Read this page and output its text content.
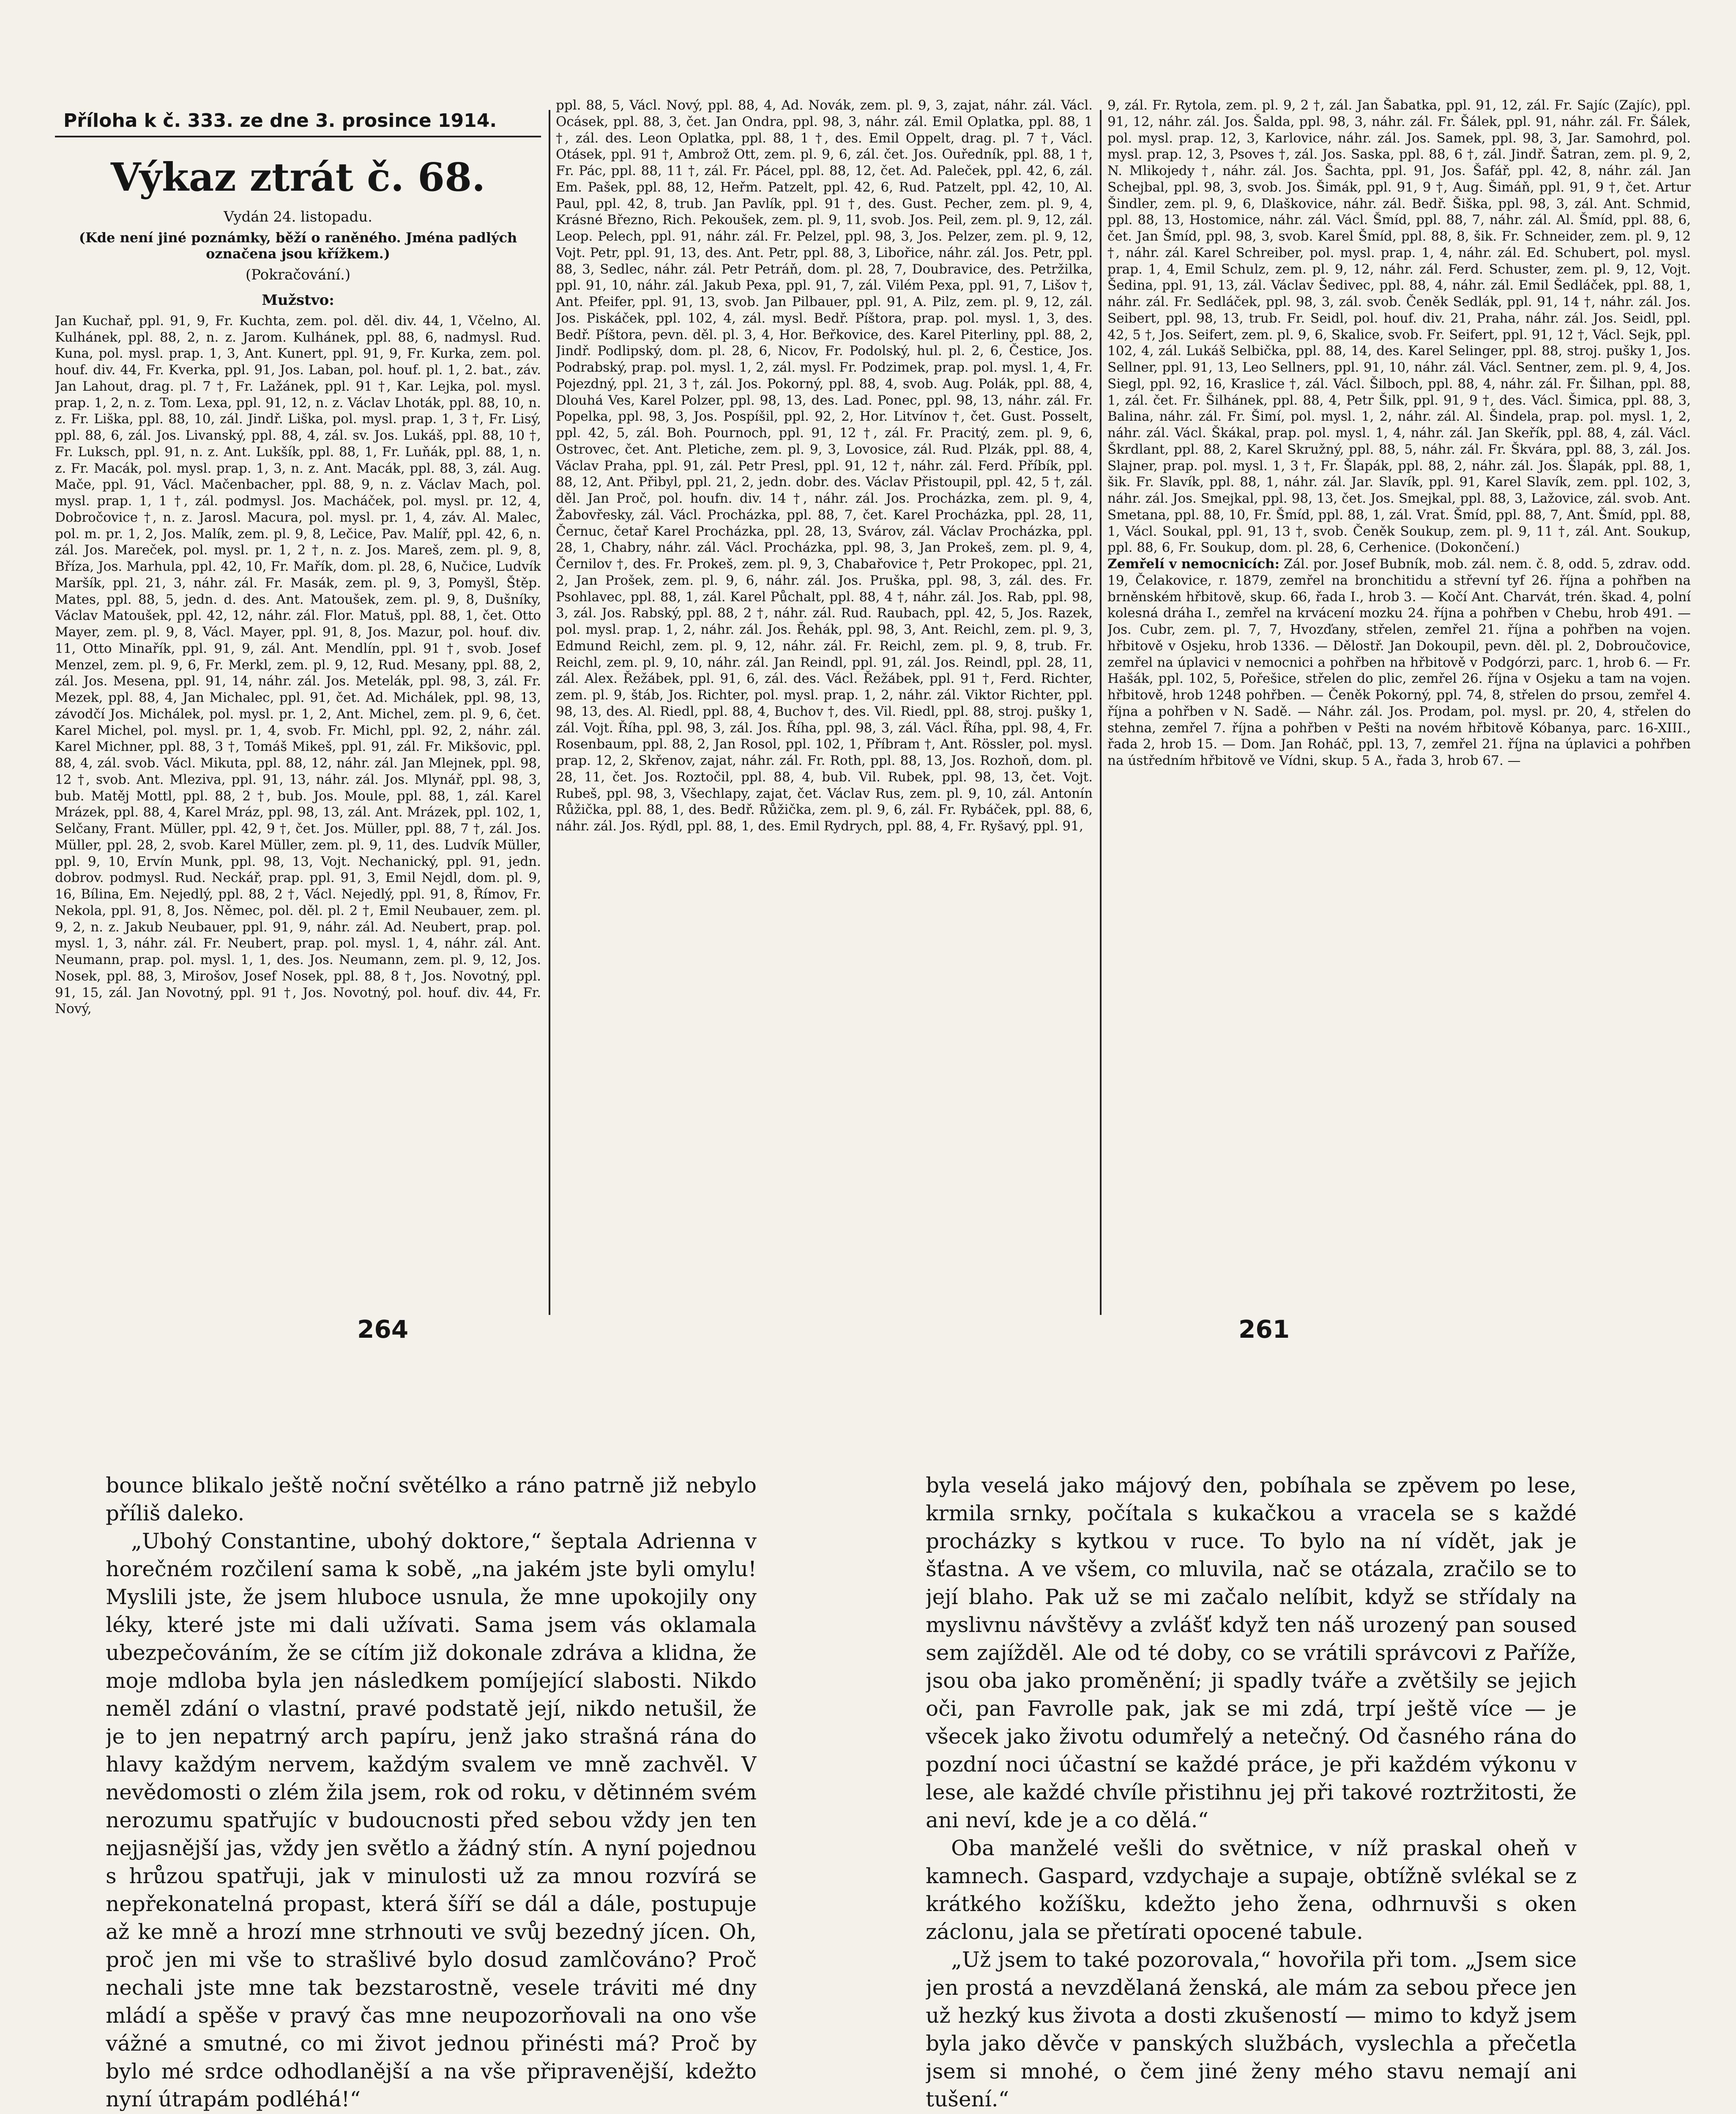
Příloha k č. 333. ze dne 3. prosince 1914.
Výkaz ztrát č. 68.
Vydán 24. listopadu.
(Kde není jiné poznámky, běží o raněného. Jména padlých označena jsou křížkem.)
(Pokračování.)
Mužstvo:

Jan Kuchař, ppl. 91, 9, Fr. Kuchta, zem. pol. děl. div. 44, 1, Včelno, Al. Kulhánek, ppl. 88, 2, n. z. Jarom. Kulhánek, ppl. 88, 6, nadmysl. Rud. Kuna, pol. mysl. prap. 1, 3, Ant. Kunert, ppl. 91, 9, Fr. Kurka, zem. pol. houf. div. 44, Fr. Kverka, ppl. 91, Jos. Laban, pol. houf. pl. 1, 2. bat., záv. Jan Lahout, drag. pl. 7 †, Fr. Lažánek, ppl. 91 †, Kar. Lejka, pol. mysl. prap. 1, 2, n. z. Tom. Lexa, ppl. 91, 12, n. z. Václav Lhoták, ppl. 88, 10, n. z. Fr. Liška, ppl. 88, 10, zál. Jindř. Liška, pol. mysl. prap. 1, 3 †, Fr. Lisý, ppl. 88, 6, zál. Jos. Livanský, ppl. 88, 4, zál. sv. Jos. Lukáš, ppl. 88, 10 †, Fr. Luksch, ppl. 91, n. z. Ant. Lukšík, ppl. 88, 1, Fr. Luňák, ppl. 88, 1, n. z. Fr. Macák, pol. mysl. prap. 1, 3, n. z. Ant. Macák, ppl. 88, 3, zál. Aug. Mače, ppl. 91, Václ. Mačenbacher, ppl. 88, 9, n. z. Václav Mach, pol. mysl. prap. 1, 1 †, zál. podmysl. Jos. Macháček, pol. mysl. pr. 12, 4, Dobročovice †, n. z. Jarosl. Macura, pol. mysl. pr. 1, 4, záv. Al. Malec, pol. m. pr. 1, 2, Jos. Malík, zem. pl. 9, 8, Lečice, Pav. Malíř, ppl. 42, 6, n. zál. Jos. Mareček, pol. mysl. pr. 1, 2 †, n. z. Jos. Mareš, zem. pl. 9, 8, Bříza, Jos. Marhula, ppl. 42, 10, Fr. Mařík, dom. pl. 28, 6, Nučice, Ludvík Maršík, ppl. 21, 3, náhr. zál. Fr. Masák, zem. pl. 9, 3, Pomyšl, Štěp. Mates, ppl. 88, 5, jedn. d. des. Ant. Matoušek, zem. pl. 9, 8, Dušníky, Václav Matoušek, ppl. 42, 12, náhr. zál. Flor. Matuš, ppl. 88, 1, čet. Otto Mayer, zem. pl. 9, 8, Václ. Mayer, ppl. 91, 8, Jos. Mazur, pol. houf. div. 11, Otto Minařík, ppl. 91, 9, zál. Ant. Mendlín, ppl. 91 †, svob. Josef Menzel, zem. pl. 9, 6, Fr. Merkl, zem. pl. 9, 12, Rud. Mesany, ppl. 88, 2, zál. Jos. Mesena, ppl. 91, 14, náhr. zál. Jos. Metelák, ppl. 98, 3, zál. Fr. Mezek, ppl. 88, 4, Jan Michalec, ppl. 91, čet. Ad. Michálek, ppl. 98, 13, závodčí Jos. Michálek, pol. mysl. pr. 1, 2, Ant. Michel, zem. pl. 9, 6, čet. Karel Michel, pol. mysl. pr. 1, 4, svob. Fr. Michl, ppl. 92, 2, náhr. zál. Karel Michner, ppl. 88, 3 †, Tomáš Mikeš, ppl. 91, zál. Fr. Mikšovic, ppl. 88, 4, zál. svob. Václ. Mikuta, ppl. 88, 12, náhr. zál. Jan Mlejnek, ppl. 98, 12 †, svob. Ant. Mleziva, ppl. 91, 13, náhr. zál. Jos. Mlynář, ppl. 98, 3, bub. Matěj Mottl, ppl. 88, 2 †, bub. Jos. Moule, ppl. 88, 1, zál. Karel Mrázek, ppl. 88, 4, Karel Mráz, ppl. 98, 13, zál. Ant. Mrázek, ppl. 102, 1, Selčany, Frant. Müller, ppl. 42, 9 †, čet. Jos. Müller, ppl. 88, 7 †, zál. Jos. Müller, ppl. 28, 2, svob. Karel Müller, zem. pl. 9, 11, des. Ludvík Müller, ppl. 9, 10, Ervín Munk, ppl. 98, 13, Vojt. Nechanický, ppl. 91, jedn. dobrov. podmysl. Rud. Neckář, prap. ppl. 91, 3, Emil Nejdl, dom. pl. 9, 16, Bílina, Em. Nejedlý, ppl. 88, 2 †, Václ. Nejedlý, ppl. 91, 8, Římov, Fr. Nekola, ppl. 91, 8, Jos. Němec, pol. děl. pl. 2 †, Emil Neubauer, zem. pl. 9, 2, n. z. Jakub Neubauer, ppl. 91, 9, náhr. zál. Ad. Neubert, prap. pol. mysl. 1, 3, náhr. zál. Fr. Neubert, prap. pol. mysl. 1, 4, náhr. zál. Ant. Neumann, prap. pol. mysl. 1, 1, des. Jos. Neumann, zem. pl. 9, 12, Jos. Nosek, ppl. 88, 3, Mirošov, Josef Nosek, ppl. 88, 8 †, Jos. Novotný, ppl. 91, 15, zál. Jan Novotný, ppl. 91 †, Jos. Novotný, pol. houf. div. 44, Fr. Nový,

ppl. 88, 5, Václ. Nový, ppl. 88, 4, Ad. Novák, zem. pl. 9, 3, zajat, náhr. zál. Václ. Ocásek, ppl. 88, 3, čet. Jan Ondra, ppl. 98, 3, náhr. zál. Emil Oplatka, ppl. 88, 1 †, zál. des. Leon Oplatka, ppl. 88, 1 †, des. Emil Oppelt, drag. pl. 7 †, Václ. Otásek, ppl. 91 †, Ambrož Ott, zem. pl. 9, 6, zál. čet. Jos. Ouředník, ppl. 88, 1 †, Fr. Pác, ppl. 88, 11 †, zál. Fr. Pácel, ppl. 88, 12, čet. Ad. Paleček, ppl. 42, 6, zál. Em. Pašek, ppl. 88, 12, Heřm. Patzelt, ppl. 42, 6, Rud. Patzelt, ppl. 42, 10, Al. Paul, ppl. 42, 8, trub. Jan Pavlík, ppl. 91 †, des. Gust. Pecher, zem. pl. 9, 4, Krásné Březno, Rich. Pekoušek, zem. pl. 9, 11, svob. Jos. Peil, zem. pl. 9, 12, zál. Leop. Pelech, ppl. 91, náhr. zál. Fr. Pelzel, ppl. 98, 3, Jos. Pelzer, zem. pl. 9, 12, Vojt. Petr, ppl. 91, 13, des. Ant. Petr, ppl. 88, 3, Libořice, náhr. zál. Jos. Petr, ppl. 88, 3, Sedlec, náhr. zál. Petr Petráň, dom. pl. 28, 7, Doubravice, des. Petržilka, ppl. 91, 10, náhr. zál. Jakub Pexa, ppl. 91, 7, zál. Vilém Pexa, ppl. 91, 7, Lišov †, Ant. Pfeifer, ppl. 91, 13, svob. Jan Pilbauer, ppl. 91, A. Pilz, zem. pl. 9, 12, zál. Jos. Piskáček, ppl. 102, 4, zál. mysl. Bedř. Píštora, prap. pol. mysl. 1, 3, des. Bedř. Píštora, pevn. děl. pl. 3, 4, Hor. Beřkovice, des. Karel Piterliny, ppl. 88, 2, Jindř. Podlipský, dom. pl. 28, 6, Nicov, Fr. Podolský, hul. pl. 2, 6, Čestice, Jos. Podrabský, prap. pol. mysl. 1, 2, zál. mysl. Fr. Podzimek, prap. pol. mysl. 1, 4, Fr. Pojezdný, ppl. 21, 3 †, zál. Jos. Pokorný, ppl. 88, 4, svob. Aug. Polák, ppl. 88, 4, Dlouhá Ves, Karel Polzer, ppl. 98, 13, des. Lad. Ponec, ppl. 98, 13, náhr. zál. Fr. Popelka, ppl. 98, 3, Jos. Pospíšil, ppl. 92, 2, Hor. Litvínov †, čet. Gust. Posselt, ppl. 42, 5, zál. Boh. Pournoch, ppl. 91, 12 †, zál. Fr. Pracitý, zem. pl. 9, 6, Ostrovec, čet. Ant. Pletiche, zem. pl. 9, 3, Lovosice, zál. Rud. Plzák, ppl. 88, 4, Václav Praha, ppl. 91, zál. Petr Presl, ppl. 91, 12 †, náhr. zál. Ferd. Příbík, ppl. 88, 12, Ant. Přibyl, ppl. 21, 2, jedn. dobr. des. Václav Přistoupil, ppl. 42, 5 †, zál. děl. Jan Proč, pol. houfn. div. 14 †, náhr. zál. Jos. Procházka, zem. pl. 9, 4, Žabovřesky, zál. Václ. Procházka, ppl. 88, 7, čet. Karel Procházka, ppl. 28, 11, Černuc, četař Karel Procházka, ppl. 28, 13, Svárov, zál. Václav Procházka, ppl. 28, 1, Chabry, náhr. zál. Václ. Procházka, ppl. 98, 3, Jan Prokeš, zem. pl. 9, 4, Černilov †, des. Fr. Prokeš, zem. pl. 9, 3, Chabařovice †, Petr Prokopec, ppl. 21, 2, Jan Prošek, zem. pl. 9, 6, náhr. zál. Jos. Pruška, ppl. 98, 3, zál. des. Fr. Psohlavec, ppl. 88, 1, zál. Karel Půchalt, ppl. 88, 4 †, náhr. zál. Jos. Rab, ppl. 98, 3, zál. Jos. Rabský, ppl. 88, 2 †, náhr. zál. Rud. Raubach, ppl. 42, 5, Jos. Razek, pol. mysl. prap. 1, 2, náhr. zál. Jos. Řehák, ppl. 98, 3, Ant. Reichl, zem. pl. 9, 3, Edmund Reichl, zem. pl. 9, 12, náhr. zál. Fr. Reichl, zem. pl. 9, 8, trub. Fr. Reichl, zem. pl. 9, 10, náhr. zál. Jan Reindl, ppl. 91, zál. Jos. Reindl, ppl. 28, 11, zál. Alex. Řežábek, ppl. 91, 6, zál. des. Václ. Řežábek, ppl. 91 †, Ferd. Richter, zem. pl. 9, štáb, Jos. Richter, pol. mysl. prap. 1, 2, náhr. zál. Viktor Richter, ppl. 98, 13, des. Al. Riedl, ppl. 88, 4, Buchov †, des. Vil. Riedl, ppl. 88, stroj. pušky 1, zál. Vojt. Říha, ppl. 98, 3, zál. Jos. Říha, ppl. 98, 3, zál. Václ. Říha, ppl. 98, 4, Fr. Rosenbaum, ppl. 88, 2, Jan Rosol, ppl. 102, 1, Příbram †, Ant. Rössler, pol. mysl. prap. 12, 2, Skřenov, zajat, náhr. zál. Fr. Roth, ppl. 88, 13, Jos. Rozhoň, dom. pl. 28, 11, čet. Jos. Roztočil, ppl. 88, 4, bub. Vil. Rubek, ppl. 98, 13, čet. Vojt. Rubeš, ppl. 98, 3, Všechlapy, zajat, čet. Václav Rus, zem. pl. 9, 10, zál. Antonín Růžička, ppl. 88, 1, des. Bedř. Růžička, zem. pl. 9, 6, zál. Fr. Rybáček, ppl. 88, 6, náhr. zál. Jos. Rýdl, ppl. 88, 1, des. Emil Rydrych, ppl. 88, 4, Fr. Ryšavý, ppl. 91,

9, zál. Fr. Rytola, zem. pl. 9, 2 †, zál. Jan Šabatka, ppl. 91, 12, zál. Fr. Sajíc (Zajíc), ppl. 91, 12, náhr. zál. Jos. Šalda, ppl. 98, 3, náhr. zál. Fr. Šálek, ppl. 91, náhr. zál. Fr. Šálek, pol. mysl. prap. 12, 3, Karlovice, náhr. zál. Jos. Samek, ppl. 98, 3, Jar. Samohrd, pol. mysl. prap. 12, 3, Psoves †, zál. Jos. Saska, ppl. 88, 6 †, zál. Jindř. Šatran, zem. pl. 9, 2, N. Mlikojedy †, náhr. zál. Jos. Šachta, ppl. 91, Jos. Šafář, ppl. 42, 8, náhr. zál. Jan Schejbal, ppl. 98, 3, svob. Jos. Šimák, ppl. 91, 9 †, Aug. Šimáň, ppl. 91, 9 †, čet. Artur Šindler, zem. pl. 9, 6, Dlaškovice, náhr. zál. Bedř. Šiška, ppl. 98, 3, zál. Ant. Schmid, ppl. 88, 13, Hostomice, náhr. zál. Václ. Šmíd, ppl. 88, 7, náhr. zál. Al. Šmíd, ppl. 88, 6, čet. Jan Šmíd, ppl. 98, 3, svob. Karel Šmíd, ppl. 88, 8, šik. Fr. Schneider, zem. pl. 9, 12 †, náhr. zál. Karel Schreiber, pol. mysl. prap. 1, 4, náhr. zál. Ed. Schubert, pol. mysl. prap. 1, 4, Emil Schulz, zem. pl. 9, 12, náhr. zál. Ferd. Schuster, zem. pl. 9, 12, Vojt. Šedina, ppl. 91, 13, zál. Václav Šedivec, ppl. 88, 4, náhr. zál. Emil Šedláček, ppl. 88, 1, náhr. zál. Fr. Sedláček, ppl. 98, 3, zál. svob. Čeněk Sedlák, ppl. 91, 14 †, náhr. zál. Jos. Seibert, ppl. 98, 13, trub. Fr. Seidl, pol. houf. div. 21, Praha, náhr. zál. Jos. Seidl, ppl. 42, 5 †, Jos. Seifert, zem. pl. 9, 6, Skalice, svob. Fr. Seifert, ppl. 91, 12 †, Václ. Sejk, ppl. 102, 4, zál. Lukáš Selbička, ppl. 88, 14, des. Karel Selinger, ppl. 88, stroj. pušky 1, Jos. Sellner, ppl. 91, 13, Leo Sellners, ppl. 91, 10, náhr. zál. Václ. Sentner, zem. pl. 9, 4, Jos. Siegl, ppl. 92, 16, Kraslice †, zál. Václ. Šilboch, ppl. 88, 4, náhr. zál. Fr. Šilhan, ppl. 88, 1, zál. čet. Fr. Šilhánek, ppl. 88, 4, Petr Šilk, ppl. 91, 9 †, des. Václ. Šimica, ppl. 88, 3, Balina, náhr. zál. Fr. Šimí, pol. mysl. 1, 2, náhr. zál. Al. Šindela, prap. pol. mysl. 1, 2, náhr. zál. Václ. Škákal, prap. pol. mysl. 1, 4, náhr. zál. Jan Skeřík, ppl. 88, 4, zál. Václ. Škrdlant, ppl. 88, 2, Karel Skružný, ppl. 88, 5, náhr. zál. Fr. Škvára, ppl. 88, 3, zál. Jos. Slajner, prap. pol. mysl. 1, 3 †, Fr. Šlapák, ppl. 88, 2, náhr. zál. Jos. Šlapák, ppl. 88, 1, šik. Fr. Slavík, ppl. 88, 1, náhr. zál. Jar. Slavík, ppl. 91, Karel Slavík, zem. ppl. 102, 3, náhr. zál. Jos. Smejkal, ppl. 98, 13, čet. Jos. Smejkal, ppl. 88, 3, Lažovice, zál. svob. Ant. Smetana, ppl. 88, 10, Fr. Šmíd, ppl. 88, 1, zál. Vrat. Šmíd, ppl. 88, 7, Ant. Šmíd, ppl. 88, 1, Václ. Soukal, ppl. 91, 13 †, svob. Čeněk Soukup, zem. pl. 9, 11 †, zál. Ant. Soukup, ppl. 88, 6, Fr. Soukup, dom. pl. 28, 6, Cerhenice. (Dokončení.)

Zemřelí v nemocnicích: Zál. por. Josef Bubník, mob. zál. nem. č. 8, odd. 5, zdrav. odd. 19, Čelakovice, r. 1879, zemřel na bronchitidu a střevní tyf 26. října a pohřben na brněnském hřbitově, skup. 66, řada I., hrob 3. — Kočí Ant. Charvát, trén. škad. 4, polní kolesná dráha I., zemřel na krvácení mozku 24. října a pohřben v Chebu, hrob 491. — Jos. Cubr, zem. pl. 7, 7, Hvozďany, střelen, zemřel 21. října a pohřben na vojen. hřbitově v Osjeku, hrob 1336. — Dělostř. Jan Dokoupil, pevn. děl. pl. 2, Dobroučovice, zemřel na úplavici v nemocnici a pohřben na hřbitově v Podgórzi, parc. 1, hrob 6. — Fr. Hašák, ppl. 102, 5, Pořešice, střelen do plic, zemřel 26. října v Osjeku a tam na vojen. hřbitově, hrob 1248 pohřben. — Čeněk Pokorný, ppl. 74, 8, střelen do prsou, zemřel 4. října a pohřben v N. Sadě. — Náhr. zál. Jos. Prodam, pol. mysl. pr. 20, 4, střelen do stehna, zemřel 7. října a pohřben v Pešti na novém hřbitově Kóbanya, parc. 16-XIII., řada 2, hrob 15. — Dom. Jan Roháč, ppl. 13, 7, zemřel 21. října na úplavici a pohřben na ústředním hřbitově ve Vídni, skup. 5 A., řada 3, hrob 67. —

264	261

bounce blikalo ještě noční světélko a ráno patrně již nebylo příliš daleko.

„Ubohý Constantine, ubohý doktore,“ šeptala Adrienna v horečném rozčilení sama k sobě, „na jakém jste byli omylu! Myslili jste, že jsem hluboce usnula, že mne upokojily ony léky, které jste mi dali užívati. Sama jsem vás oklamala ubezpečováním, že se cítím již dokonale zdráva a klidna, že moje mdloba byla jen následkem pomíjející slabosti. Nikdo neměl zdání o vlastní, pravé podstatě její, nikdo netušil, že je to jen nepatrný arch papíru, jenž jako strašná rána do hlavy každým nervem, každým svalem ve mně zachvěl. V nevědomosti o zlém žila jsem, rok od roku, v dětinném svém nerozumu spatřujíc v budoucnosti před sebou vždy jen ten nejjasnější jas, vždy jen světlo a žádný stín. A nyní pojednou s hrůzou spatřuji, jak v minulosti už za mnou rozvírá se nepřekonatelná propast, která šíří se dál a dále, postupuje až ke mně a hrozí mne strhnouti ve svůj bezedný jícen. Oh, proč jen mi vše to strašlivé bylo dosud zamlčováno? Proč nechali jste mne tak bezstarostně, vesele tráviti mé dny mládí a spěše v pravý čas mne neupozorňovali na ono vše vážné a smutné, co mi život jednou přinésti má? Proč by bylo mé srdce odhodlanější a na vše připravenější, kdežto nyní útrapám podléhá!“

byla veselá jako májový den, pobíhala se zpěvem po lese, krmila srnky, počítala s kukačkou a vracela se s každé procházky s kytkou v ruce. To bylo na ní vídět, jak je šťastna. A ve všem, co mluvila, nač se otázala, zračilo se to její blaho. Pak už se mi začalo nelíbit, když se střídaly na myslivnu návštěvy a zvlášť když ten náš urozený pan soused sem zajížděl. Ale od té doby, co se vrátili správcovi z Paříže, jsou oba jako proměnění; ji spadly tváře a zvětšily se jejich oči, pan Favrolle pak, jak se mi zdá, trpí ještě více — je všecek jako životu odumřelý a netečný. Od časného rána do pozdní noci účastní se každé práce, je při každém výkonu v lese, ale každé chvíle přistihnu jej při takové roztržitosti, že ani neví, kde je a co dělá.“

Oba manželé vešli do světnice, v níž praskal oheň v kamnech. Gaspard, vzdychaje a supaje, obtížně svlékal se z krátkého kožíšku, kdežto jeho žena, odhrnuvši s oken záclonu, jala se přetírati opocené tabule.

„Už jsem to také pozorovala,“ hovořila při tom. „Jsem sice jen prostá a nevzdělaná ženská, ale mám za sebou přece jen už hezký kus života a dosti zkušeností — mimo to když jsem byla jako děvče v panských službách, vyslechla a přečetla jsem si mnohé, o čem jiné ženy mého stavu nemají ani tušení.“
